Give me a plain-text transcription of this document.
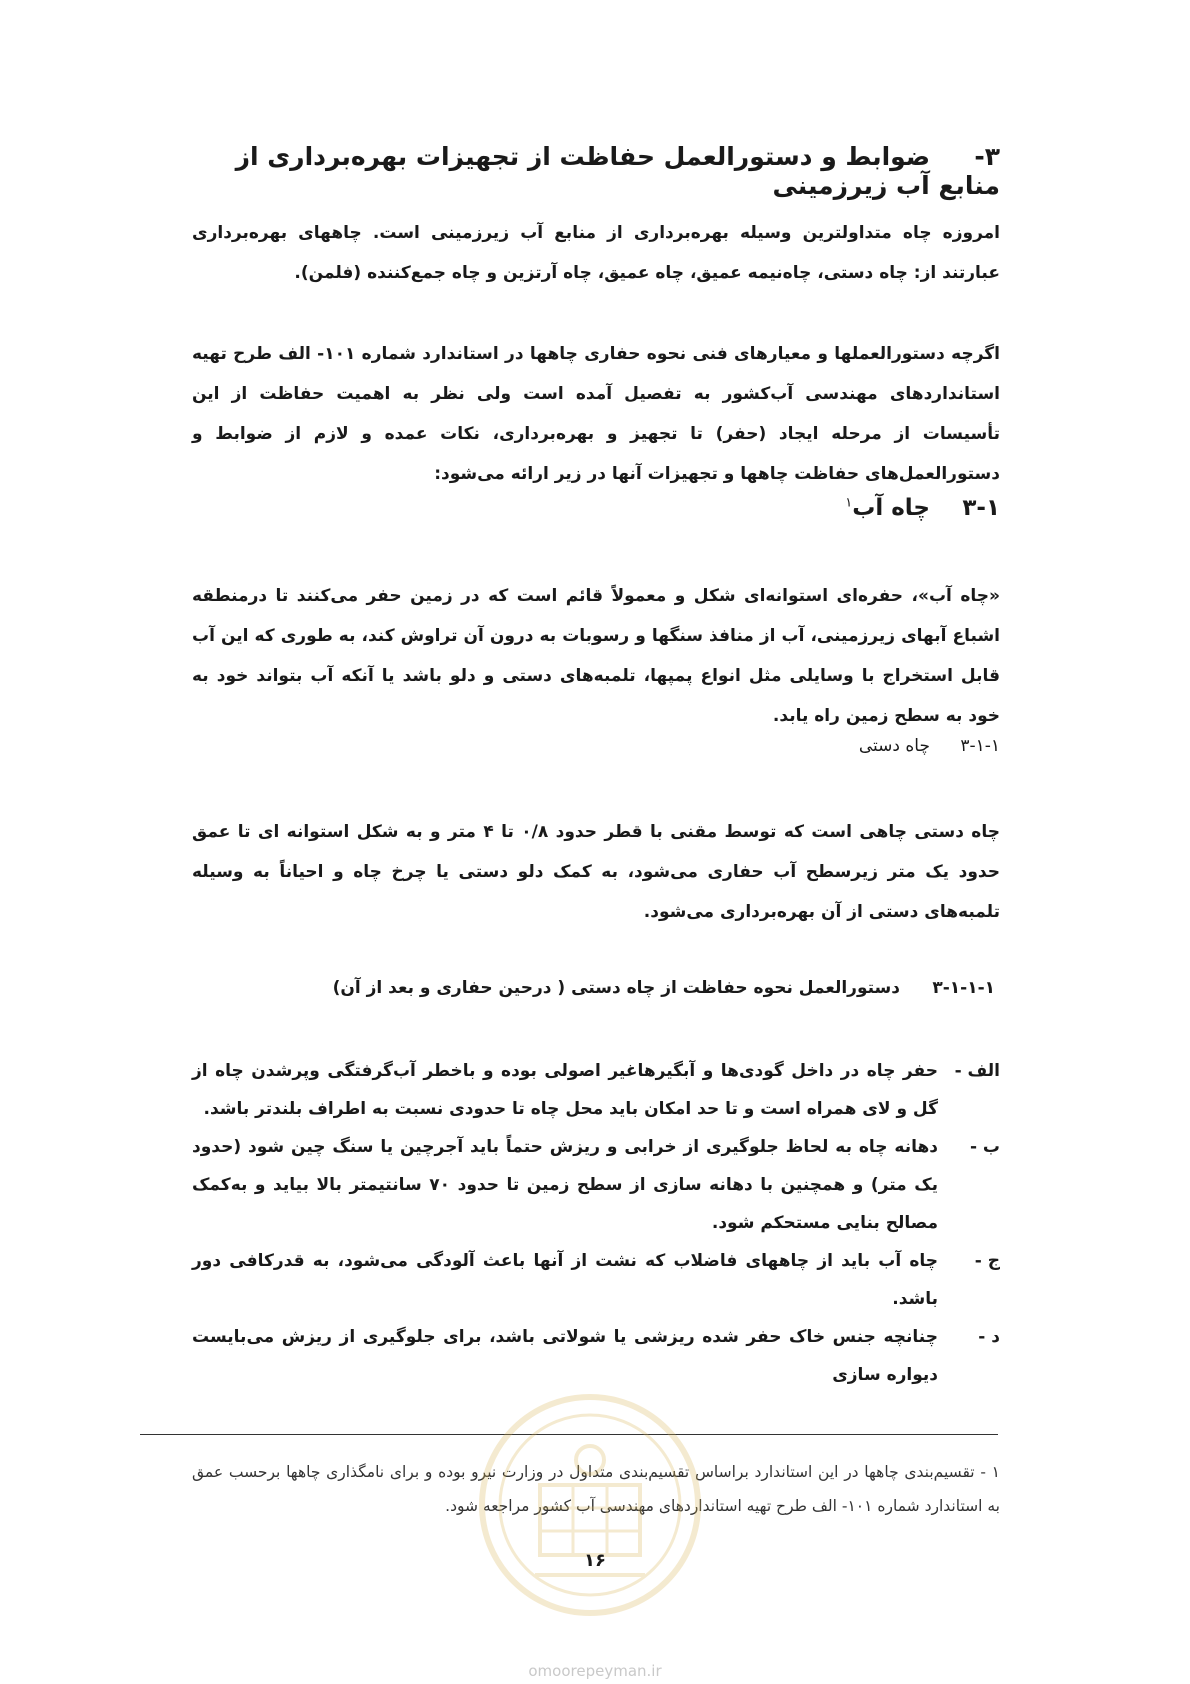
۳-ضوابط و دستورالعمل حفاظت از تجهیزات بهره‌برداری از منابع آب زیرزمینی
امروزه چاه متداولترین وسیله بهره‌برداری از منابع آب زیرزمینی است. چاههای بهره‌برداری عبارتند از: چاه دستی، چاه‌نیمه عمیق، چاه عمیق، چاه آرتزین و چاه جمع‌کننده (فلمن).
اگرچه دستورالعملها و معیارهای فنی نحوه حفاری چاهها در استاندارد شماره ۱۰۱- الف طرح تهیه استانداردهای مهندسی آب‌کشور به تفصیل آمده است ولی نظر به اهمیت حفاظت از این تأسیسات از مرحله ایجاد (حفر) تا تجهیز و بهره‌برداری، نکات عمده و لازم از ضوابط و دستورالعمل‌های حفاظت چاهها و تجهیزات آنها در زیر ارائه می‌شود:
۳-۱چاه آب$^۱$
«چاه آب»، حفره‌ای استوانه‌ای شکل و معمولاً قائم است که در زمین حفر می‌کنند تا درمنطقه اشباع آبهای زیرزمینی، آب از منافذ سنگها و رسوبات به درون آن تراوش کند، به طوری که این آب قابل استخراج با وسایلی مثل انواع پمپها، تلمبه‌های دستی و دلو باشد یا آنکه آب بتواند خود به خود به سطح زمین راه یابد.
۳-۱-۱چاه دستی
چاه دستی چاهی است که توسط مقنی با قطر حدود ۰/۸ تا ۴ متر و به شکل استوانه ای تا عمق حدود یک متر زیرسطح آب حفاری می‌شود، به کمک دلو دستی یا چرخ چاه و احیاناً به وسیله تلمبه‌های دستی از آن بهره‌برداری می‌شود.
۳-۱-۱-۱دستورالعمل نحوه حفاظت از چاه دستی ( درحین حفاری و بعد از آن)
الف -
حفر چاه در داخل گودی‌ها و آبگیرهاغیر اصولی بوده و باخطر آب‌گرفتگی وپرشدن چاه از گل و لای همراه است و تا حد امکان باید محل چاه تا حدودی نسبت به اطراف بلندتر باشد.
ب -
دهانه چاه به لحاظ جلوگیری از خرابی و ریزش حتماً باید آجرچین یا سنگ چین شود (حدود یک متر) و همچنین با دهانه سازی از سطح زمین تا حدود ۷۰ سانتیمتر بالا بیاید و به‌کمک مصالح بنایی مستحکم شود.
ج -
چاه آب باید از چاههای فاضلاب که نشت از آنها باعث آلودگی می‌شود، به قدرکافی دور باشد.
د -
چنانچه جنس خاک حفر شده ریزشی یا شولاتی باشد، برای جلوگیری از ریزش می‌بایست دیواره سازی
۱ - تقسیم‌بندی چاهها در این استاندارد براساس تقسیم‌بندی متداول در وزارت نیرو بوده و برای نامگذاری چاهها برحسب عمق به استاندارد شماره ۱۰۱- الف طرح تهیه استانداردهای مهندسی آب کشور مراجعه شود.
۱۶
omoorepeyman.ir
